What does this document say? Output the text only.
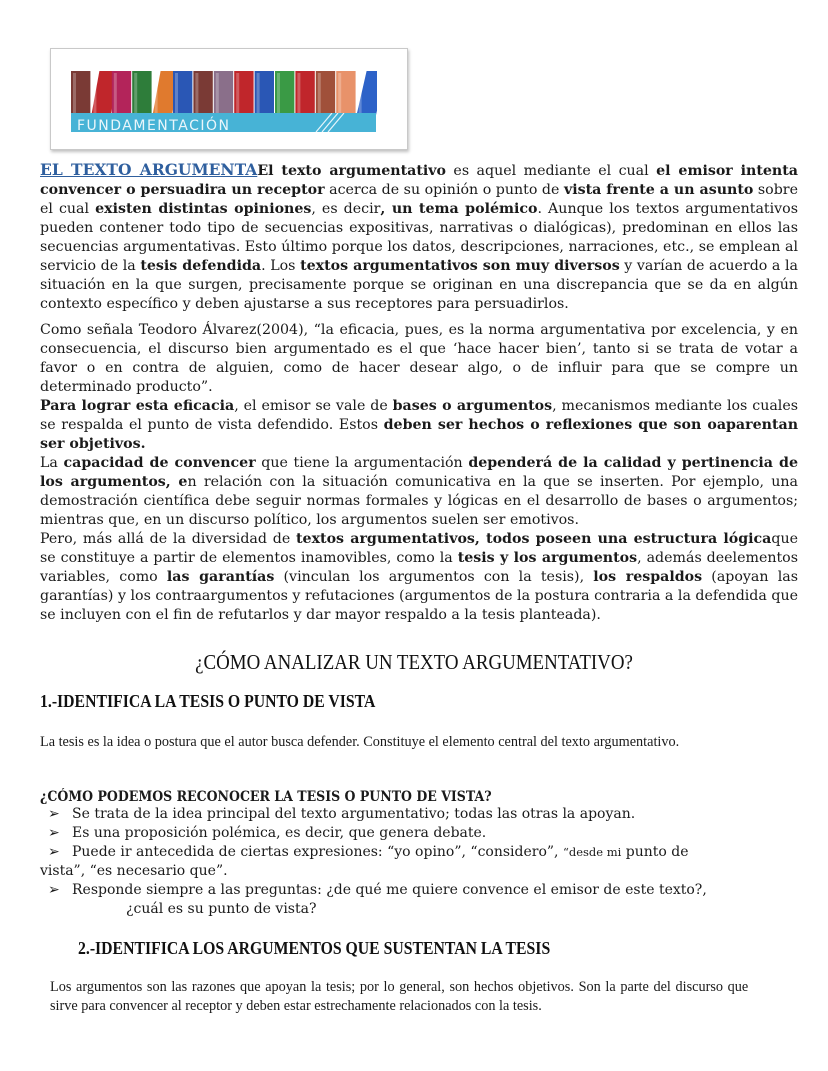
FUNDAMENTACIÓN

EL TEXTO ARGUMENTAEl texto argumentativo es aquel mediante el cual el emisor intenta convencer o persuadira un receptor acerca de su opinión o punto de vista frente a un asunto sobre el cual existen distintas opiniones, es decir, un tema polémico. Aunque los textos argumentativos pueden contener todo tipo de secuencias expositivas, narrativas o dialógicas), predominan en ellos las secuencias argumentativas. Esto último porque los datos, descripciones, narraciones, etc., se emplean al servicio de la tesis defendida. Los textos argumentativos son muy diversos y varían de acuerdo a la situación en la que surgen, precisamente porque se originan en una discrepancia que se da en algún contexto específico y deben ajustarse a sus receptores para persuadirlos.

Como señala Teodoro Álvarez(2004), “la eficacia, pues, es la norma argumentativa por excelencia, y en consecuencia, el discurso bien argumentado es el que ‘hace hacer bien’, tanto si se trata de votar a favor o en contra de alguien, como de hacer desear algo, o de influir para que se compre un determinado producto”.

Para lograr esta eficacia, el emisor se vale de bases o argumentos, mecanismos mediante los cuales se respalda el punto de vista defendido. Estos deben ser hechos o reflexiones que son oaparentan ser objetivos.

La capacidad de convencer que tiene la argumentación dependerá de la calidad y pertinencia de los argumentos, en relación con la situación comunicativa en la que se inserten. Por ejemplo, una demostración científica debe seguir normas formales y lógicas en el desarrollo de bases o argumentos; mientras que, en un discurso político, los argumentos suelen ser emotivos.

Pero, más allá de la diversidad de textos argumentativos, todos poseen una estructura lógicaque se constituye a partir de elementos inamovibles, como la tesis y los argumentos, además deelementos variables, como las garantías (vinculan los argumentos con la tesis), los respaldos (apoyan las garantías) y los contraargumentos y refutaciones (argumentos de la postura contraria a la defendida que se incluyen con el fin de refutarlos y dar mayor respaldo a la tesis planteada).

¿CÓMO ANALIZAR UN TEXTO ARGUMENTATIVO?
1.-IDENTIFICA LA TESIS O PUNTO DE VISTA
La tesis es la idea o postura que el autor busca defender. Constituye el elemento central del texto argumentativo.
¿CÓMO PODEMOS RECONOCER LA TESIS O PUNTO DE VISTA?
➢ Se trata de la idea principal del texto argumentativo; todas las otras la apoyan.
➢ Es una proposición polémica, es decir, que genera debate.
➢ Puede ir antecedida de ciertas expresiones: “yo opino”, “considero”, “desde mi punto de
vista”, “es necesario que”.
➢ Responde siempre a las preguntas: ¿de qué me quiere convence el emisor de este texto?,
¿cuál es su punto de vista?
2.-IDENTIFICA LOS ARGUMENTOS QUE SUSTENTAN LA TESIS
Los argumentos son las razones que apoyan la tesis; por lo general, son hechos objetivos. Son la parte del discurso que sirve para convencer al receptor y deben estar estrechamente relacionados con la tesis.
